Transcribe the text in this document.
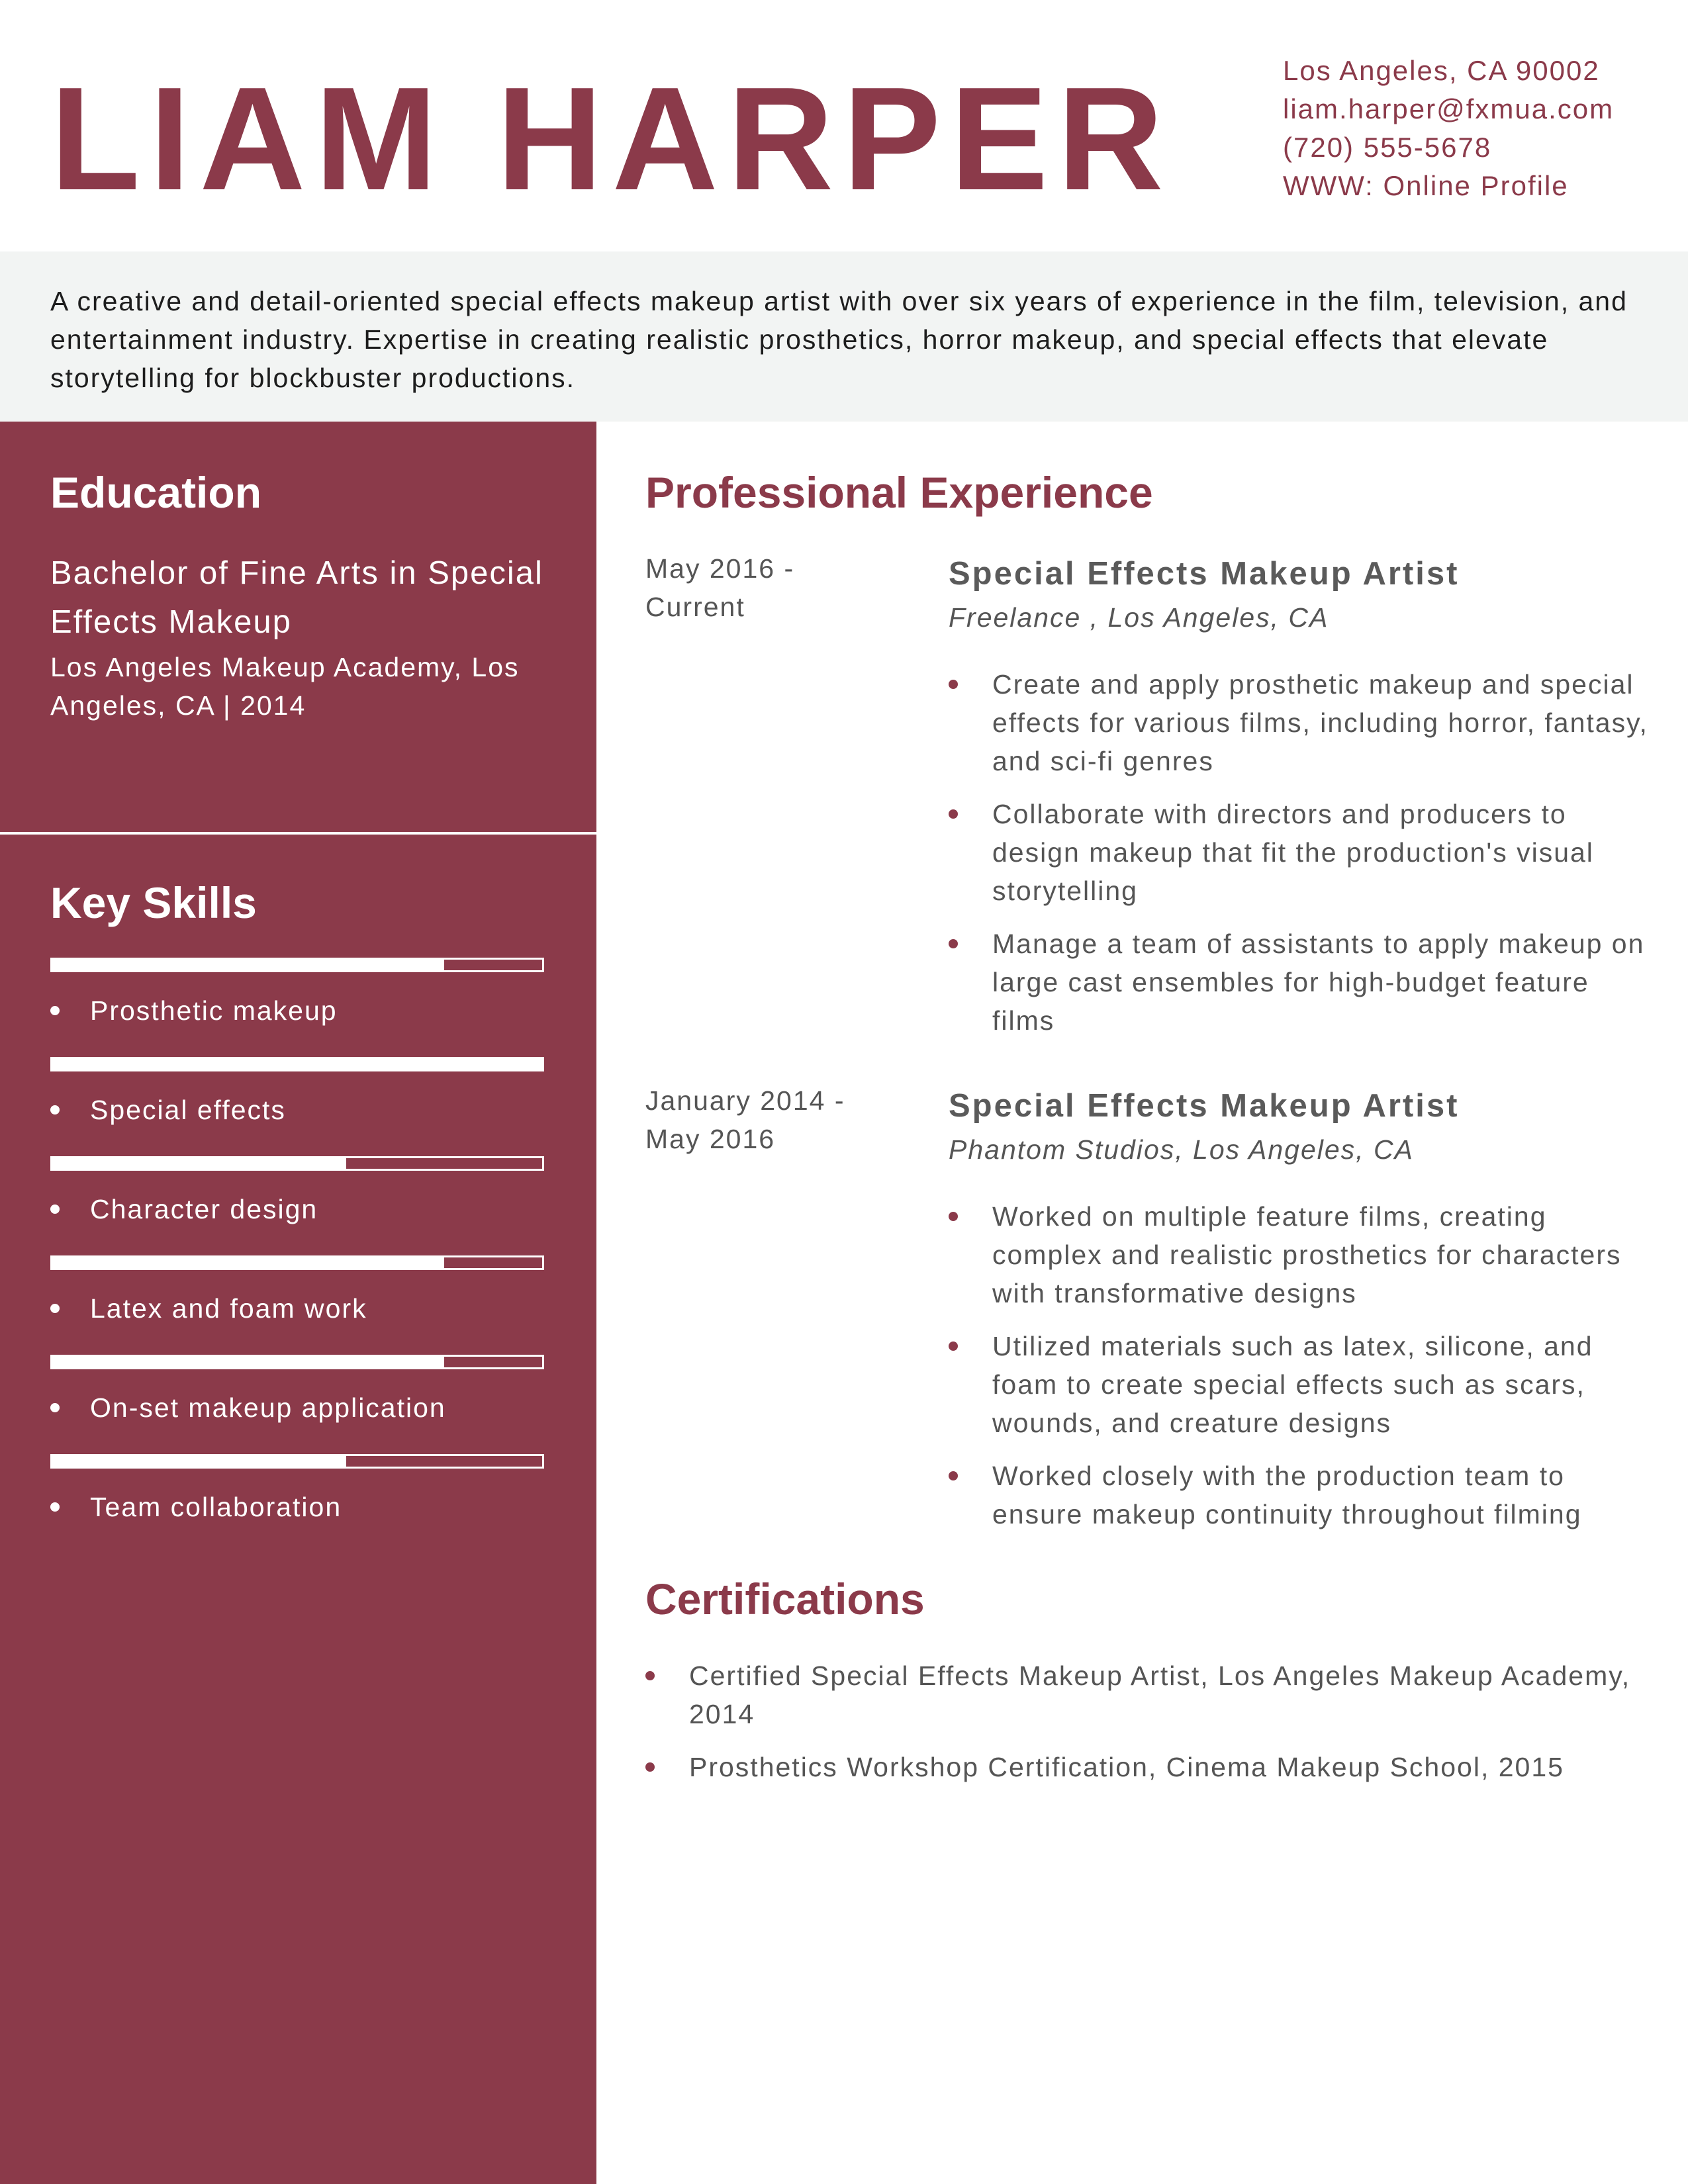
LIAM HARPER	Los Angeles, CA 90002
liam.harper@fxmua.com
(720) 555-5678
WWW: Online Profile
A creative and detail-oriented special effects makeup artist with over six years of experience in the film, television, and entertainment industry. Expertise in creating realistic prosthetics, horror makeup, and special effects that elevate storytelling for blockbuster productions.
Education
Bachelor of Fine Arts in Special Effects Makeup
Los Angeles Makeup Academy, Los Angeles, CA | 2014
Key Skills
Prosthetic makeup
Special effects
Character design
Latex and foam work
On-set makeup application
Team collaboration
Professional Experience
May 2016 - Current
Special Effects Makeup Artist
Freelance , Los Angeles, CA
Create and apply prosthetic makeup and special effects for various films, including horror, fantasy, and sci-fi genres
Collaborate with directors and producers to design makeup that fit the production's visual storytelling
Manage a team of assistants to apply makeup on large cast ensembles for high-budget feature films
January 2014 - May 2016
Special Effects Makeup Artist
Phantom Studios, Los Angeles, CA
Worked on multiple feature films, creating complex and realistic prosthetics for characters with transformative designs
Utilized materials such as latex, silicone, and foam to create special effects such as scars, wounds, and creature designs
Worked closely with the production team to ensure makeup continuity throughout filming
Certifications
Certified Special Effects Makeup Artist, Los Angeles Makeup Academy, 2014
Prosthetics Workshop Certification, Cinema Makeup School, 2015
